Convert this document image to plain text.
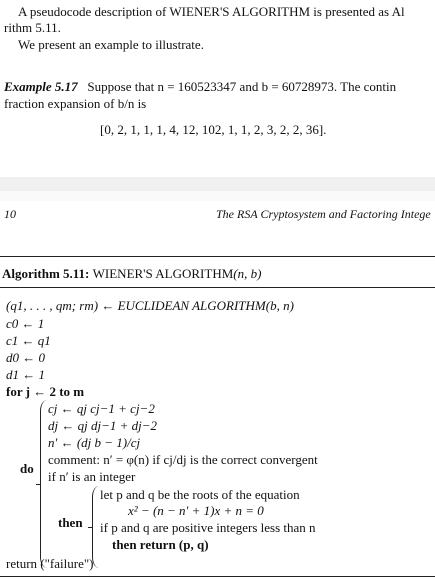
A pseudocode description of WIENER'S ALGORITHM is presented as Al
rithm 5.11.
We present an example to illustrate.
Example 5.17 Suppose that n = 160523347 and b = 60728973. The contin
fraction expansion of b/n is
[0, 2, 1, 1, 1, 4, 12, 102, 1, 1, 2, 3, 2, 2, 36].
10	The RSA Cryptosystem and Factoring Intege
Algorithm 5.11: WIENER'S ALGORITHM(n, b)
(q1, . . . , qm; rm) ← EUCLIDEAN ALGORITHM(b, n)
c0 ← 1
c1 ← q1
d0 ← 0
d1 ← 1
for j ← 2 to m
do
cj ← qj cj−1 + cj−2
dj ← qj dj−1 + dj−2
n′ ← (dj b − 1)/cj
comment: n′ = φ(n) if cj/dj is the correct convergent
if n′ is an integer
then
let p and q be the roots of the equation
x² − (n − n′ + 1)x + n = 0
if p and q are positive integers less than n
then return (p, q)
return ("failure")
